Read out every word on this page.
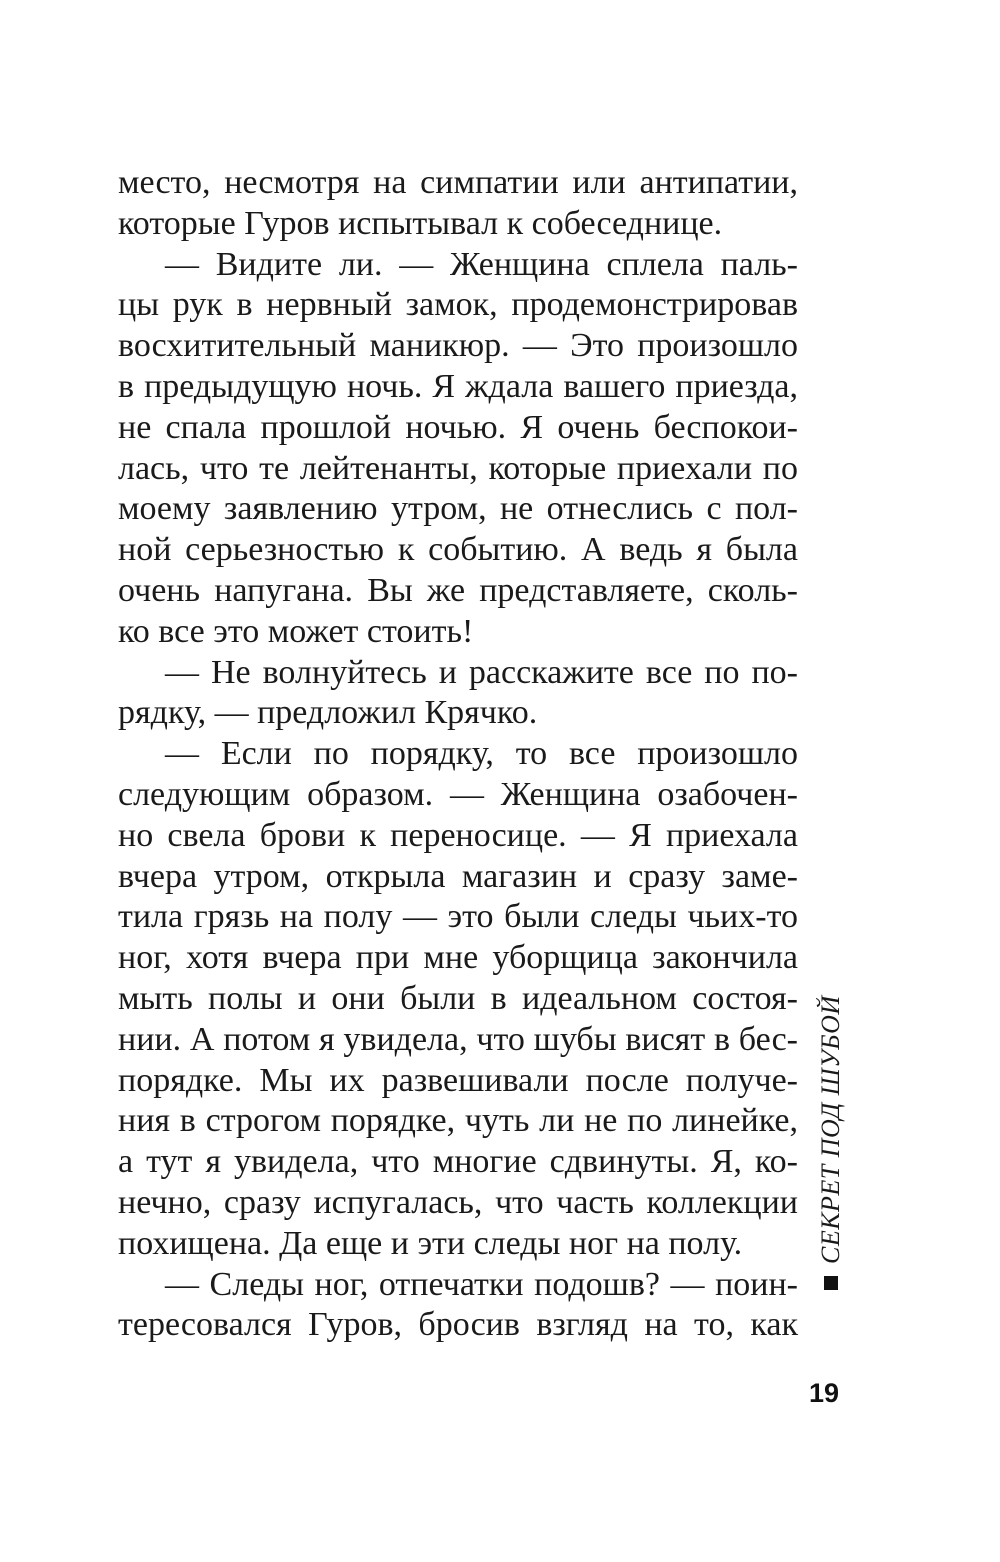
место, несмотря на симпатии или антипатии,
которые Гуров испытывал к собеседнице.
— Видите ли. — Женщина сплела паль-
цы рук в нервный замок, продемонстрировав
восхитительный маникюр. — Это произошло
в предыдущую ночь. Я ждала вашего приезда,
не спала прошлой ночью. Я очень беспокои-
лась, что те лейтенанты, которые приехали по
моему заявлению утром, не отнеслись с пол-
ной серьезностью к событию. А ведь я была
очень напугана. Вы же представляете, сколь-
ко все это может стоить!
— Не волнуйтесь и расскажите все по по-
рядку, — предложил Крячко.
— Если по порядку, то все произошло
следующим образом. — Женщина озабочен-
но свела брови к переносице. — Я приехала
вчера утром, открыла магазин и сразу заме-
тила грязь на полу — это были следы чьих-то
ног, хотя вчера при мне уборщица закончила
мыть полы и они были в идеальном состоя-
нии. А потом я увидела, что шубы висят в бес-
порядке. Мы их развешивали после получе-
ния в строгом порядке, чуть ли не по линейке,
а тут я увидела, что многие сдвинуты. Я, ко-
нечно, сразу испугалась, что часть коллекции
похищена. Да еще и эти следы ног на полу.
— Следы ног, отпечатки подошв? — поин-
тересовался Гуров, бросив взгляд на то, как
СЕКРЕТ ПОД ШУБОЙ
19
